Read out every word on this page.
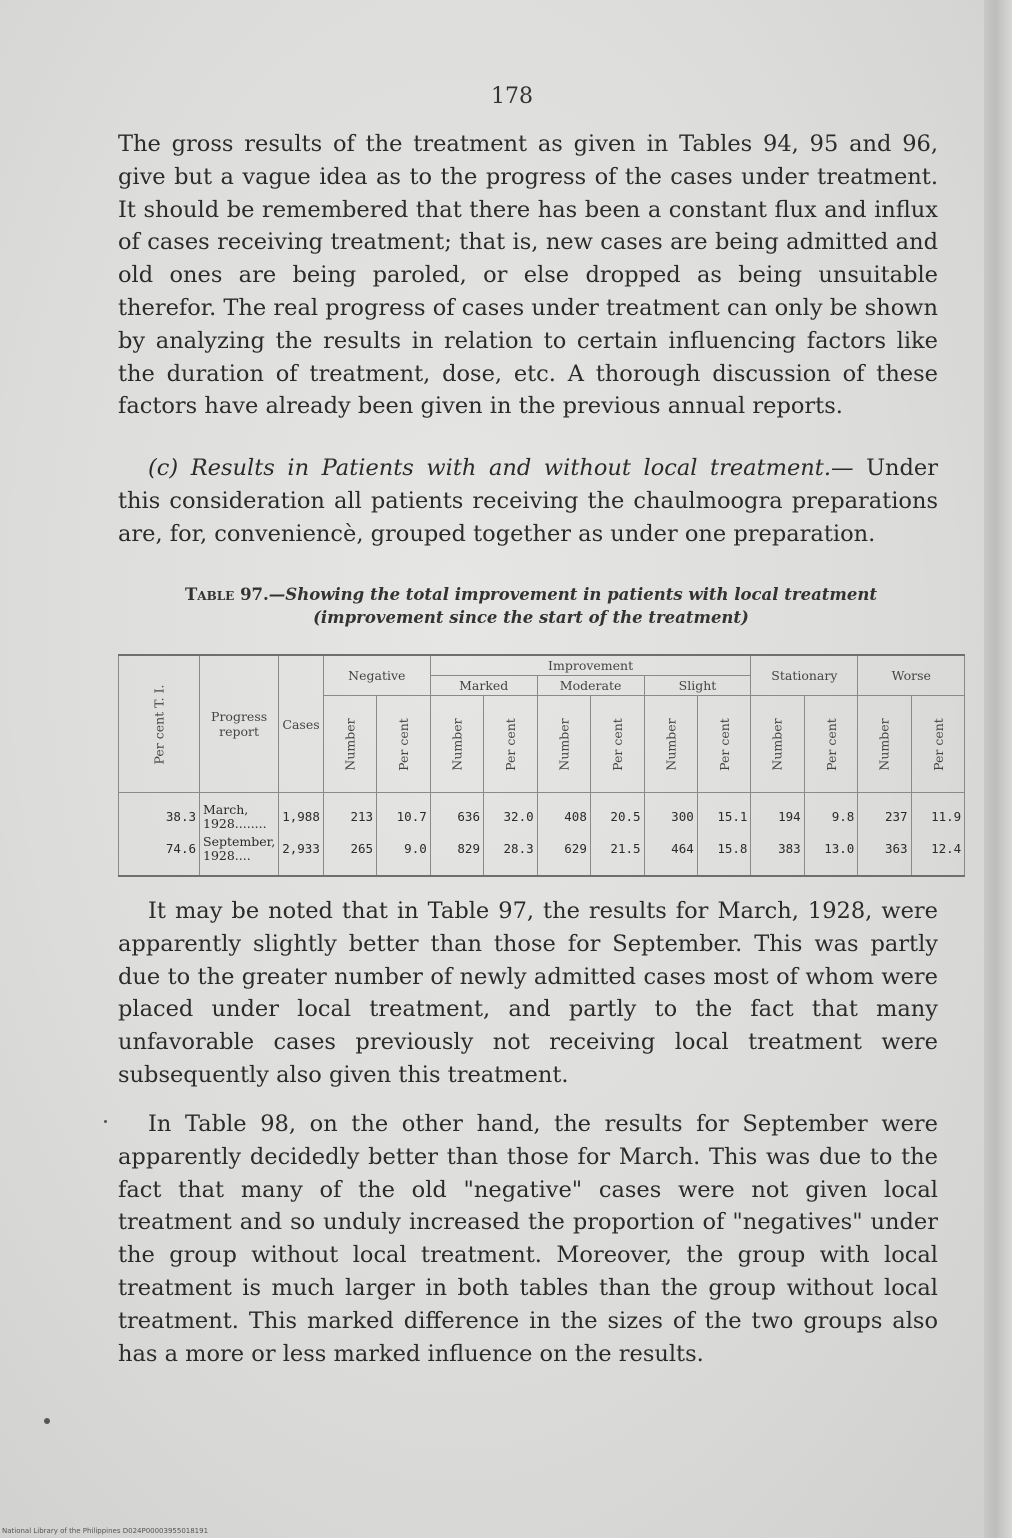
178
The gross results of the treatment as given in Tables 94, 95 and 96, give but a vague idea as to the progress of the cases under treatment. It should be remembered that there has been a constant flux and influx of cases receiving treatment; that is, new cases are being admitted and old ones are being paroled, or else dropped as being unsuitable therefor. The real progress of cases under treatment can only be shown by analyzing the results in relation to certain influencing factors like the duration of treatment, dose, etc. A thorough discussion of these factors have already been given in the previous annual reports.
(c) Results in Patients with and without local treatment.— Under this consideration all patients receiving the chaulmoogra preparations are, for, conveniencè, grouped together as under one preparation.
Table 97.—Showing the total improvement in patients with local treatment (improvement since the start of the treatment)
Per cent T. I.	Progress report	Cases	Negative		Improvement						Stationary		Worse	
					Marked		Moderate		Slight					
			Number	Per cent	Number	Per cent	Number	Per cent	Number	Per cent	Number	Per cent	Number	Per cent
38.3	March, 1928........	1,988	213	10.7	636	32.0	408	20.5	300	15.1	194	9.8	237	11.9
74.6	September, 1928....	2,933	265	9.0	829	28.3	629	21.5	464	15.8	383	13.0	363	12.4
It may be noted that in Table 97, the results for March, 1928, were apparently slightly better than those for September. This was partly due to the greater number of newly admitted cases most of whom were placed under local treatment, and partly to the fact that many unfavorable cases previously not receiving local treatment were subsequently also given this treatment.
In Table 98, on the other hand, the results for September were apparently decidedly better than those for March. This was due to the fact that many of the old "negative" cases were not given local treatment and so unduly increased the proportion of "negatives" under the group without local treatment. Moreover, the group with local treatment is much larger in both tables than the group without local treatment. This marked difference in the sizes of the two groups also has a more or less marked influence on the results.
National Library of the Philippines D024P00003955018191
